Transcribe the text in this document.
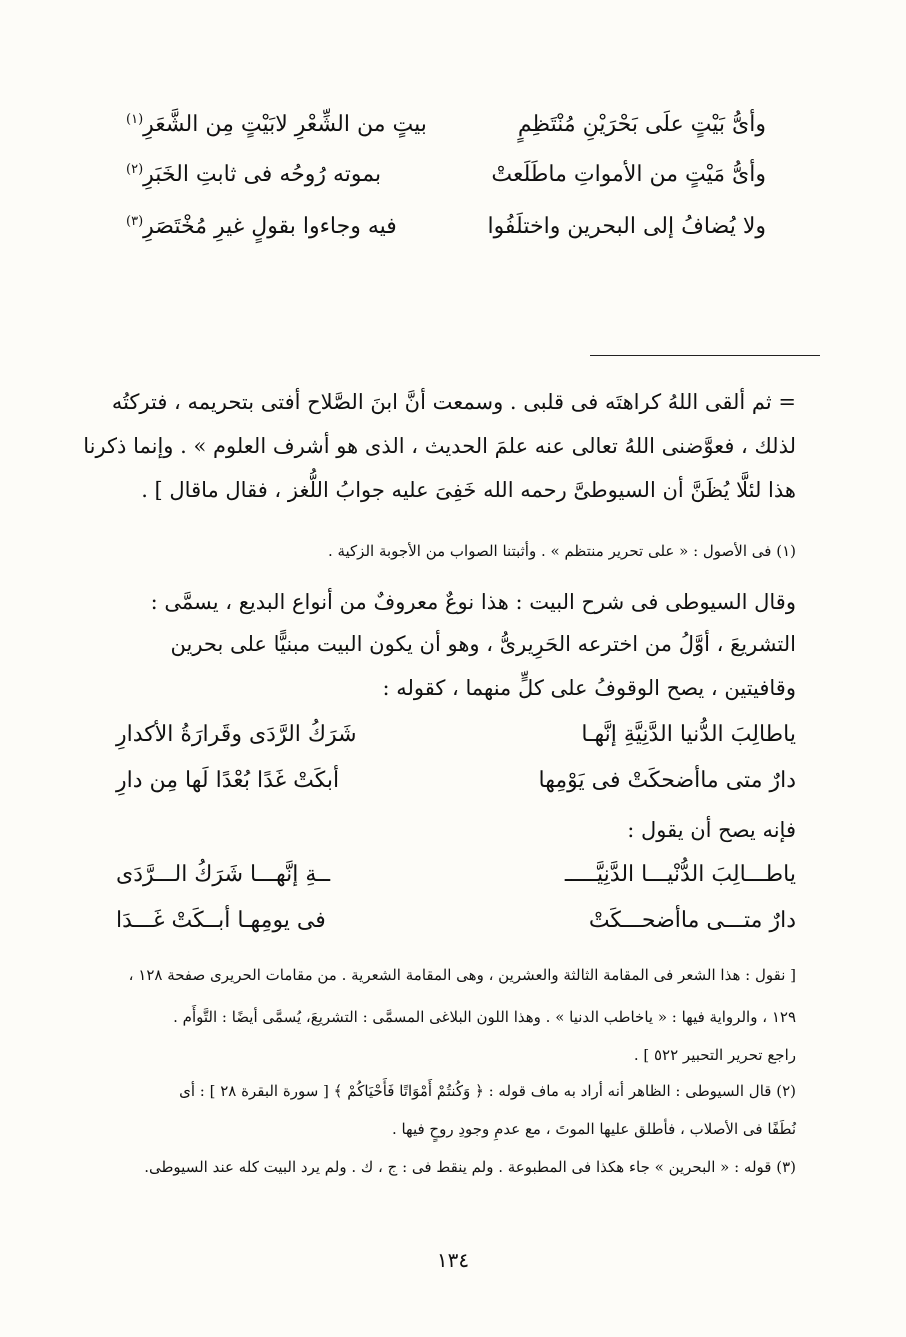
وأىُّ بَيْتٍ علَى بَحْرَيْنِ مُنْتَظِمٍ
بيتٍ من الشِّعْرِ لابَيْتٍ مِن الشَّعَرِ(١)
وأىُّ مَيْتٍ من الأمواتِ ماطَلَعتْ
بموته رُوحُه فى ثابتِ الخَبَرِ(٢)
ولا يُضافُ إلى البحرين واختلَفُوا
فيه وجاءوا بقولٍ غيرِ مُخْتَصَرِ(٣)
= ثم ألقى اللهُ كراهتَه فى قلبى . وسمعت أنَّ ابنَ الصَّلاح أفتى بتحريمه ، فتركتُه
لذلك ، فعوَّضنى اللهُ تعالى عنه علمَ الحديث ، الذى هو أشرف العلوم » . وإنما ذكرنا
هذا لئلَّا يُظَنَّ أن السيوطىَّ رحمه الله خَفِىَ عليه جوابُ اللُّغز ، فقال ماقال ] .
(١) فى الأصول : « على تحرير منتظم » . وأثبتنا الصواب من الأجوبة الزكية .
وقال السيوطى فى شرح البيت : هذا نوعٌ معروفٌ من أنواع البديع ، يسمَّى :
التشريعَ ، أوَّلُ من اخترعه الحَرِيرىُّ ، وهو أن يكون البيت مبنيًّا على بحرين
وقافيتين ، يصح الوقوفُ على كلٍّ منهما ، كقوله :
ياطالِبَ الدُّنيا الدَّنِيَّةِ إنَّهـا
شَرَكُ الرَّدَى وقَرارَةُ الأكدارِ
دارٌ متى ماأضحكَتْ فى يَوْمِها
أبكَتْ غَدًا بُعْدًا لَها مِن دارِ
فإنه يصح أن يقول :
ياطـــالِبَ الدُّنْيـــا الدَّنِيَّـــــ
ــةِ إنَّهـــا شَرَكُ الـــرَّدَى
دارٌ متـــى ماأضحـــكَتْ
فى يومِهـا أبــكَتْ غَـــدَا
[ نقول : هذا الشعر فى المقامة الثالثة والعشرين ، وهى المقامة الشعرية . من مقامات الحريرى صفحة ١٢٨ ،
١٢٩ ، والرواية فيها : « ياخاطب الدنيا » . وهذا اللون البلاغى المسمَّى : التشريعَ، يُسمَّى أيضًا : التَّوأَم .
راجع تحرير التحبير ٥٢٢ ] .
(٢) قال السيوطى : الظاهر أنه أراد به ماف قوله : ﴿ وَكُنتُمْ أَمْوَاتًا فَأَحْيَاكُمْ ﴾ [ سورة البقرة ٢٨ ] : أى
نُطَفًا فى الأصلاب ، فأطلق عليها الموتَ ، مع عدمِ وجودِ روحٍ فيها .
(٣) قوله : « البحرين » جاء هكذا فى المطبوعة . ولم ينقط فى : ج ، ك . ولم يرد البيت كله عند السيوطى.
١٣٤
